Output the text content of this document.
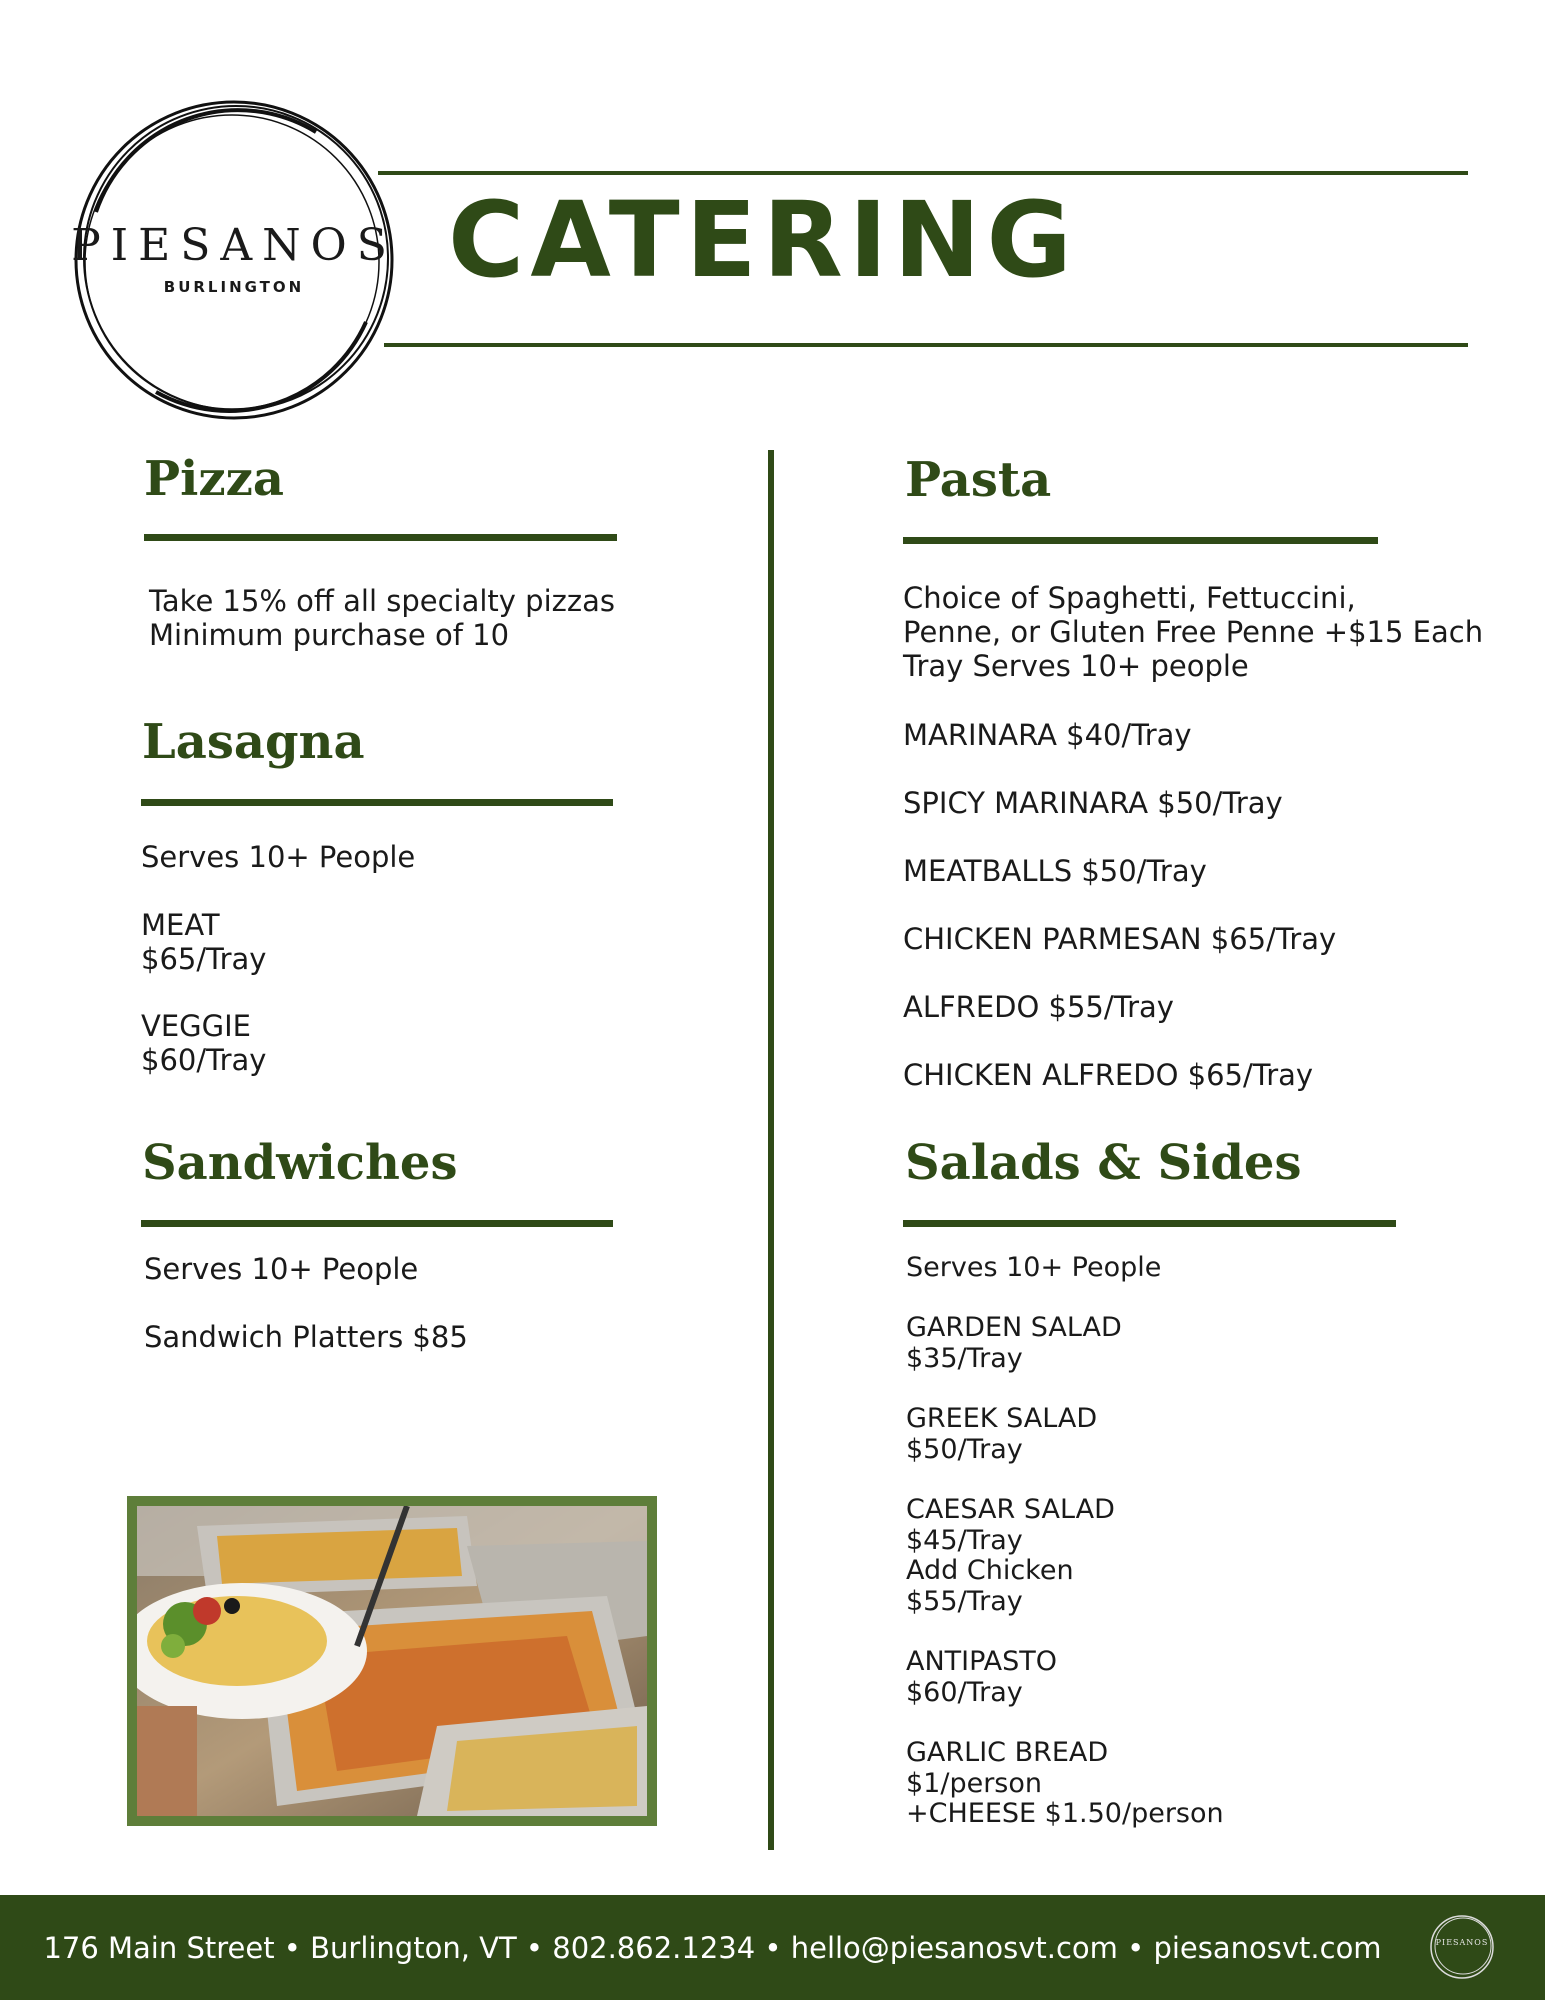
PIESANOS
BURLINGTON	CATERING
Pizza
Take 15% off all specialty pizzas
Minimum purchase of 10
Lasagna
Serves 10+ People
MEAT
$65/Tray
VEGGIE
$60/Tray
Sandwiches
Serves 10+ People
Sandwich Platters $85
Pasta
Choice of Spaghetti, Fettuccini,
Penne, or Gluten Free Penne +$15 Each
Tray Serves 10+ people
MARINARA $40/Tray
SPICY MARINARA $50/Tray
MEATBALLS $50/Tray
CHICKEN PARMESAN $65/Tray
ALFREDO $55/Tray
CHICKEN ALFREDO $65/Tray
Salads & Sides
Serves 10+ People
GARDEN SALAD
$35/Tray
GREEK SALAD
$50/Tray
CAESAR SALAD
$45/Tray
Add Chicken
$55/Tray
ANTIPASTO
$60/Tray
GARLIC BREAD
$1/person
+CHEESE $1.50/person
176 Main Street • Burlington, VT • 802.862.1234 • hello@piesanosvt.com • piesanosvt.com	PIESANOS
